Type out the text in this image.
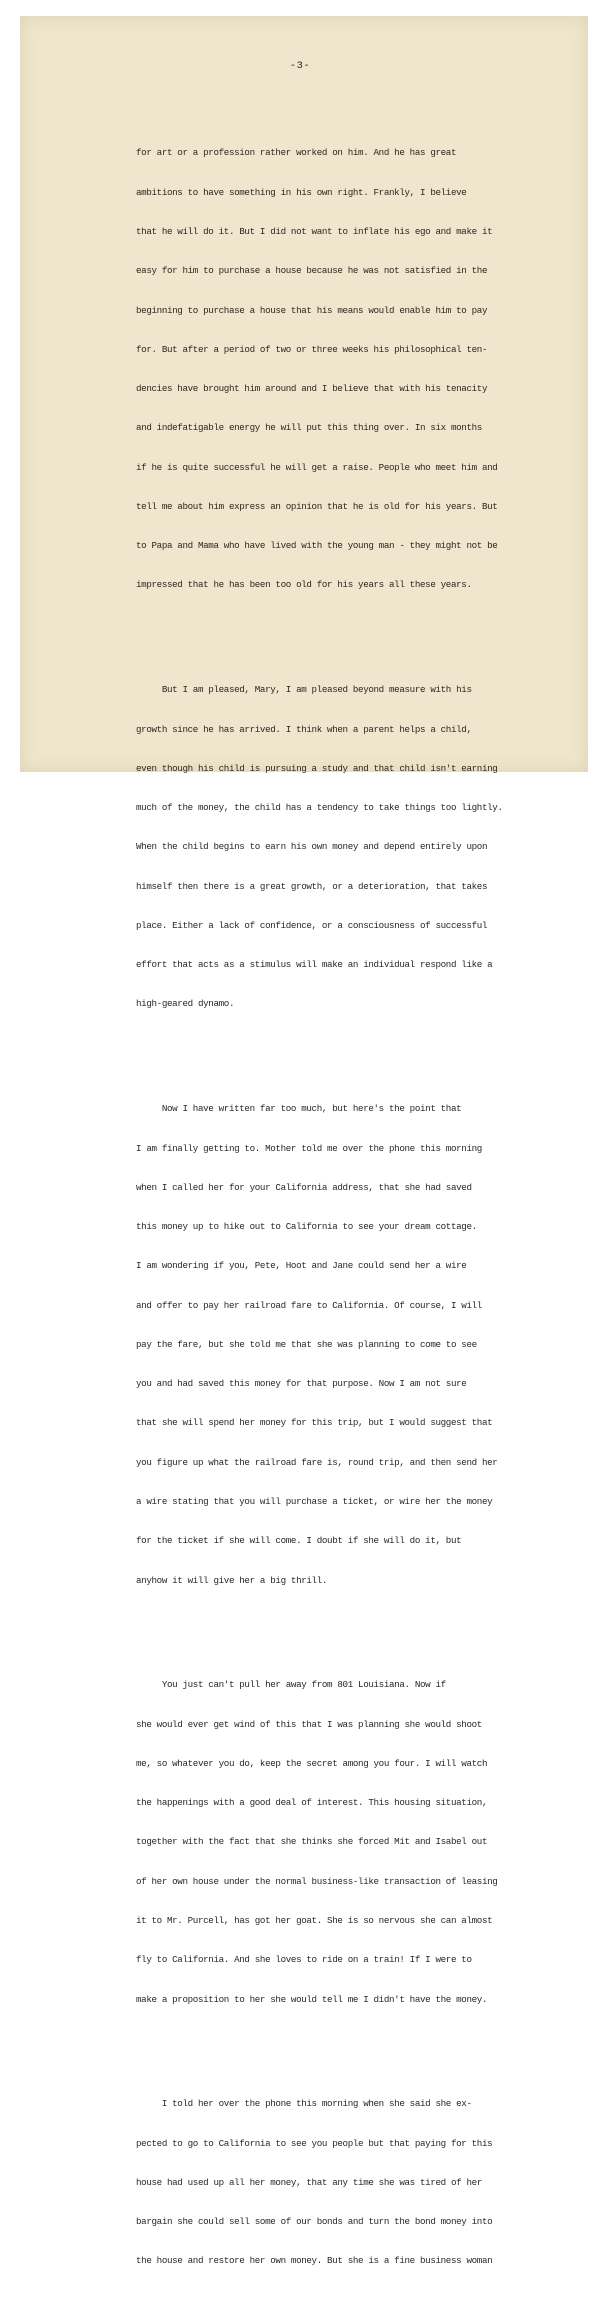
-3-

for art or a profession rather worked on him. And he has great

ambitions to have something in his own right. Frankly, I believe

that he will do it. But I did not want to inflate his ego and make it

easy for him to purchase a house because he was not satisfied in the

beginning to purchase a house that his means would enable him to pay

for. But after a period of two or three weeks his philosophical ten-

dencies have brought him around and I believe that with his tenacity

and indefatigable energy he will put this thing over. In six months

if he is quite successful he will get a raise. People who meet him and

tell me about him express an opinion that he is old for his years. But

to Papa and Mama who have lived with the young man - they might not be

impressed that he has been too old for his years all these years.

But I am pleased, Mary, I am pleased beyond measure with his

growth since he has arrived. I think when a parent helps a child,

even though his child is pursuing a study and that child isn't earning

much of the money, the child has a tendency to take things too lightly.

When the child begins to earn his own money and depend entirely upon

himself then there is a great growth, or a deterioration, that takes

place. Either a lack of confidence, or a consciousness of successful

effort that acts as a stimulus will make an individual respond like a

high-geared dynamo.

Now I have written far too much, but here's the point that

I am finally getting to. Mother told me over the phone this morning

when I called her for your California address, that she had saved

this money up to hike out to California to see your dream cottage.

I am wondering if you, Pete, Hoot and Jane could send her a wire

and offer to pay her railroad fare to California. Of course, I will

pay the fare, but she told me that she was planning to come to see

you and had saved this money for that purpose. Now I am not sure

that she will spend her money for this trip, but I would suggest that

you figure up what the railroad fare is, round trip, and then send her

a wire stating that you will purchase a ticket, or wire her the money

for the ticket if she will come. I doubt if she will do it, but

anyhow it will give her a big thrill.

You just can't pull her away from 801 Louisiana. Now if

she would ever get wind of this that I was planning she would shoot

me, so whatever you do, keep the secret among you four. I will watch

the happenings with a good deal of interest. This housing situation,

together with the fact that she thinks she forced Mit and Isabel out

of her own house under the normal business-like transaction of leasing

it to Mr. Purcell, has got her goat. She is so nervous she can almost

fly to California. And she loves to ride on a train! If I were to

make a proposition to her she would tell me I didn't have the money.

I told her over the phone this morning when she said she ex-

pected to go to California to see you people but that paying for this

house had used up all her money, that any time she was tired of her

bargain she could sell some of our bonds and turn the bond money into

the house and restore her own money. But she is a fine business woman
